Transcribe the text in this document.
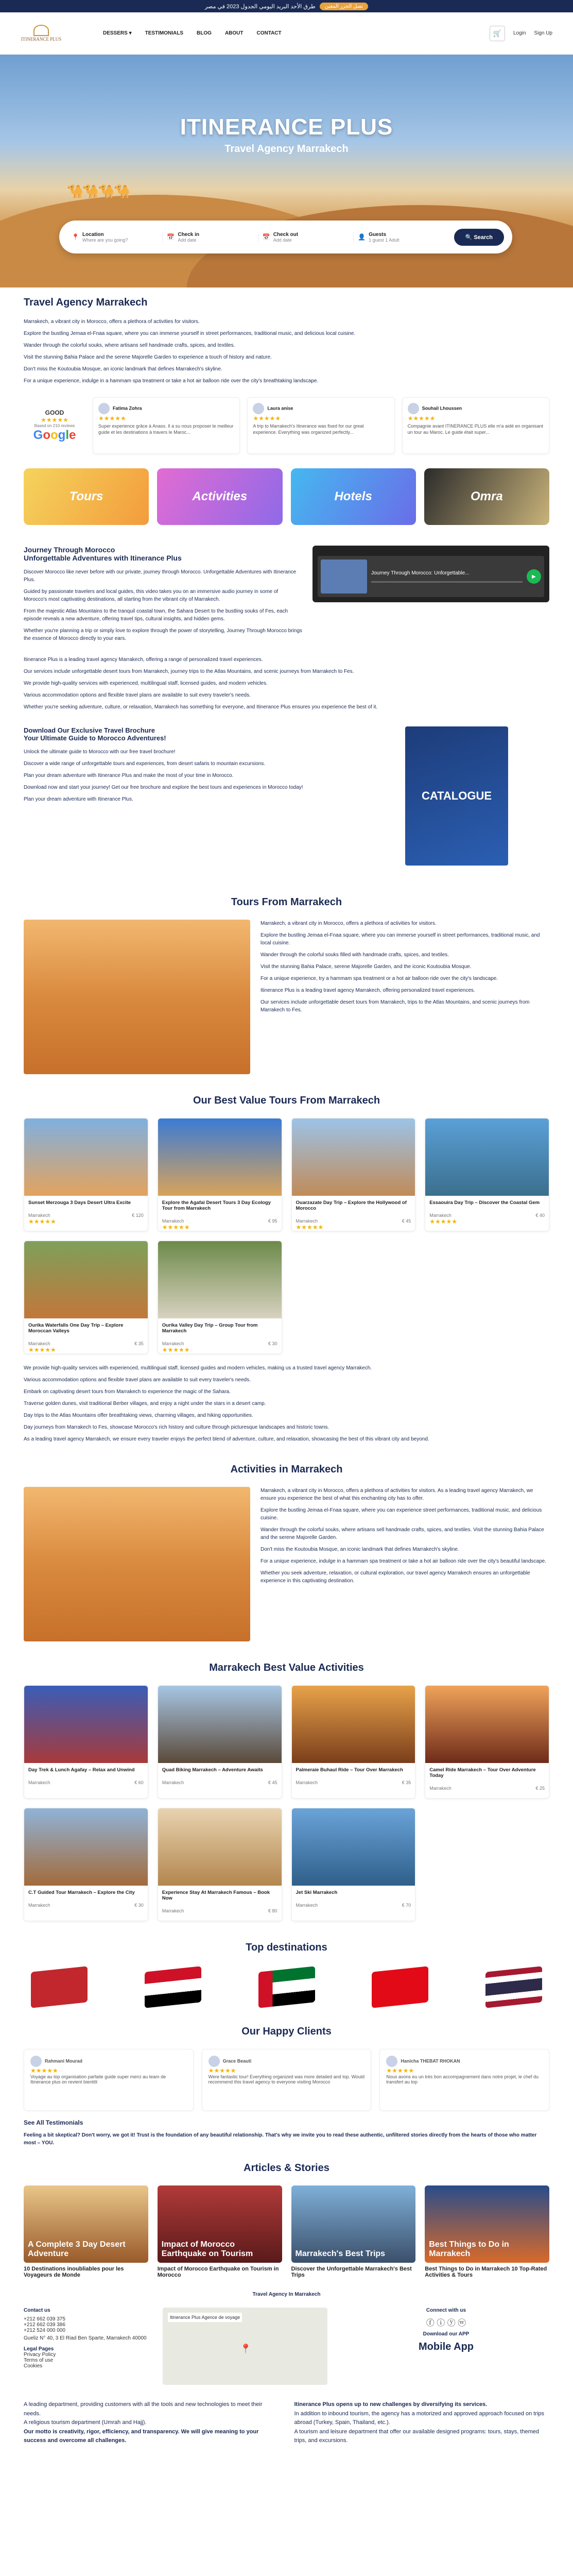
طرق الأحد البريد اليومي الجدول 2023 في مصر	تصل الجزر المعين
ITINERANCE PLUS
DESSERS ▾	TESTIMONIALS	BLOG	ABOUT	CONTACT	🛒	Login Sign Up
🐪🐪🐪🐪
ITINERANCE PLUS
Travel Agency Marrakech
📍 Location
Where are you going?	📅 Check in
Add date	📅 Check out
Add date	👤 Guests
1 guest 1 Adult	🔍 Search
Travel Agency Marrakech

Marrakech, a vibrant city in Morocco, offers a plethora of activities for visitors.

Explore the bustling Jemaa el-Fnaa square, where you can immerse yourself in street performances, traditional music, and delicious local cuisine.

Wander through the colorful souks, where artisans sell handmade crafts, spices, and textiles.

Visit the stunning Bahia Palace and the serene Majorelle Garden to experience a touch of history and nature.

Don't miss the Koutoubia Mosque, an iconic landmark that defines Marrakech's skyline.

For a unique experience, indulge in a hammam spa treatment or take a hot air balloon ride over the city's breathtaking landscape.

GOOD
★★★★★
Based on 210 reviews
Google
Fatima Zohra
★★★★★
Super experience grâce à Anass. Il a su nous proposer le meilleur guide et les destinations à travers le Maroc...
Laura anise
★★★★★
A trip to Marrakech's Itinerance was fixed for our great experience. Everything was organized perfectly...
Souhail Lhoussen
★★★★★
Compagnie avant ITINERANCE PLUS elle m'a aidé en organisant un tour au Maroc. Le guide était super...
Tours	Activities	Hotels	Omra
Journey Through Morocco
Unforgettable Adventures with Itinerance Plus

Discover Morocco like never before with our private, journey through Morocco. Unforgettable Adventures with Itinerance Plus.

Guided by passionate travelers and local guides, this video takes you on an immersive audio journey in some of Morocco's most captivating destinations, all starting from the vibrant city of Marrakech.

From the majestic Atlas Mountains to the tranquil coastal town, the Sahara Desert to the bustling souks of Fes, each episode reveals a new adventure, offering travel tips, cultural insights, and hidden gems.

Whether you're planning a trip or simply love to explore through the power of storytelling, Journey Through Morocco brings the essence of Morocco directly to your ears.

Journey Through Morocco: Unforgettable...
▶

Itinerance Plus is a leading travel agency Marrakech, offering a range of personalized travel experiences.

Our services include unforgettable desert tours from Marrakech, journey trips to the Atlas Mountains, and scenic journeys from Marrakech to Fes.

We provide high-quality services with experienced, multilingual staff, licensed guides, and modern vehicles.

Various accommodation options and flexible travel plans are available to suit every traveler's needs.

Whether you're seeking adventure, culture, or relaxation, Marrakech has something for everyone, and Itinerance Plus ensures you experience the best of it.

Download Our Exclusive Travel Brochure
Your Ultimate Guide to Morocco Adventures!

Unlock the ultimate guide to Morocco with our free travel brochure!

Discover a wide range of unforgettable tours and experiences, from desert safaris to mountain excursions.

Plan your dream adventure with Itinerance Plus and make the most of your time in Morocco.

Download now and start your journey! Get our free brochure and explore the best tours and experiences in Morocco today!

Plan your dream adventure with Itinerance Plus.	CATALOGUE
Tours From Marrakech

Marrakech, a vibrant city in Morocco, offers a plethora of activities for visitors.

Explore the bustling Jemaa el-Fnaa square, where you can immerse yourself in street performances, traditional music, and local cuisine.

Wander through the colorful souks filled with handmade crafts, spices, and textiles.

Visit the stunning Bahia Palace, serene Majorelle Garden, and the iconic Koutoubia Mosque.

For a unique experience, try a hammam spa treatment or a hot air balloon ride over the city's landscape.

Itinerance Plus is a leading travel agency Marrakech, offering personalized travel experiences.

Our services include unforgettable desert tours from Marrakech, trips to the Atlas Mountains, and scenic journeys from Marrakech to Fes.

Our Best Value Tours From Marrakech
Sunset Merzouga 3 Days Desert Ultra Excite
Marrakech	€ 120
★★★★★
Explore the Agafai Desert Tours 3 Day Ecology Tour from Marrakech
Marrakech	€ 95
★★★★★
Ouarzazate Day Trip – Explore the Hollywood of Morocco
Marrakech	€ 45
★★★★★
Essaouira Day Trip – Discover the Coastal Gem
Marrakech	€ 40
★★★★★
Ourika Waterfalls One Day Trip – Explore Moroccan Valleys
Marrakech	€ 35
★★★★★
Ourika Valley Day Trip – Group Tour from Marrakech
Marrakech	€ 30
★★★★★

We provide high-quality services with experienced, multilingual staff, licensed guides and modern vehicles, making us a trusted travel agency Marrakech.

Various accommodation options and flexible travel plans are available to suit every traveler's needs.

Embark on captivating desert tours from Marrakech to experience the magic of the Sahara.

Traverse golden dunes, visit traditional Berber villages, and enjoy a night under the stars in a desert camp.

Day trips to the Atlas Mountains offer breathtaking views, charming villages, and hiking opportunities.

Day journeys from Marrakech to Fes, showcase Morocco's rich history and culture through picturesque landscapes and historic towns.

As a leading travel agency Marrakech, we ensure every traveler enjoys the perfect blend of adventure, culture, and relaxation, showcasing the best of this vibrant city and beyond.

Activities in Marrakech

Marrakech, a vibrant city in Morocco, offers a plethora of activities for visitors. As a leading travel agency Marrakech, we ensure you experience the best of what this enchanting city has to offer.

Explore the bustling Jemaa el-Fnaa square, where you can experience street performances, traditional music, and delicious cuisine.

Wander through the colorful souks, where artisans sell handmade crafts, spices, and textiles. Visit the stunning Bahia Palace and the serene Majorelle Garden.

Don't miss the Koutoubia Mosque, an iconic landmark that defines Marrakech's skyline.

For a unique experience, indulge in a hammam spa treatment or take a hot air balloon ride over the city's beautiful landscape.

Whether you seek adventure, relaxation, or cultural exploration, our travel agency Marrakech ensures an unforgettable experience in this captivating destination.

Marrakech Best Value Activities
Day Trek & Lunch Agafay – Relax and Unwind
Marrakech	€ 60
Quad Biking Marrakech – Adventure Awaits
Marrakech	€ 45
Palmeraie Buhaul Ride – Tour Over Marrakech
Marrakech	€ 35
Camel Ride Marrakech – Tour Over Adventure Today
Marrakech	€ 25
C.T Guided Tour Marrakech – Explore the City
Marrakech	€ 30
Experience Stay At Marrakech Famous – Book Now
Marrakech	€ 80
Jet Ski Marrakech
Marrakech	€ 70
Top destinations
Our Happy Clients
Rahmani Mourad
★★★★★
Voyage au top organisation parfaite guide super merci au team de Itinerance plus on revient bientôt
Grace Beauti
★★★★★
Were fantastic tour! Everything organized was more detailed and top. Would recommend this travel agency to everyone visiting Morocco
Hanicha THEBAT RHOKAN
★★★★★
Nous avons eu un très bon accompagnement dans notre projet, le chef du transfert au top
See All Testimonials

Feeling a bit skeptical? Don't worry, we got it! Trust is the foundation of any beautiful relationship. That's why we invite you to read these authentic, unfiltered stories directly from the hearts of those who matter most – YOU.

Articles & Stories
A Complete 3 Day Desert Adventure
10 Destinations inoubliables pour les Voyageurs de Monde
Impact of Morocco Earthquake on Tourism
Impact of Morocco Earthquake on Tourism in Morocco
Marrakech's Best Trips
Discover the Unforgettable Marrakech's Best Trips
Best Things to Do in Marrakech
Best Things to Do in Marrakech 10 Top-Rated Activities & Tours
Travel Agency In Marrakech
Contact us
+212 662 039 375
+212 662 039 386
+212 524 000 000
Gueliz N° 40, 3 El Riad Ben Sparte, Marrakech 40000
Legal Pages
Privacy Policy
Terms of use
Cookies
Itinerance Plus Agence de voyage
📍
Connect with us
ⓕ ⓘ ⓨ ⓦ
Download our APP
Mobile App

A leading department, providing customers with all the tools and new technologies to meet their needs.

A religious tourism department (Umrah and Hajj).

Our motto is creativity, rigor, efficiency, and transparency. We will give meaning to your success and overcome all challenges.

Itinerance Plus opens up to new challenges by diversifying its services.

In addition to inbound tourism, the agency has a motorized and approved approach focused on trips abroad (Turkey, Spain, Thailand, etc.).

A tourism and leisure department that offer our available designed programs: tours, stays, themed trips, and excursions.
